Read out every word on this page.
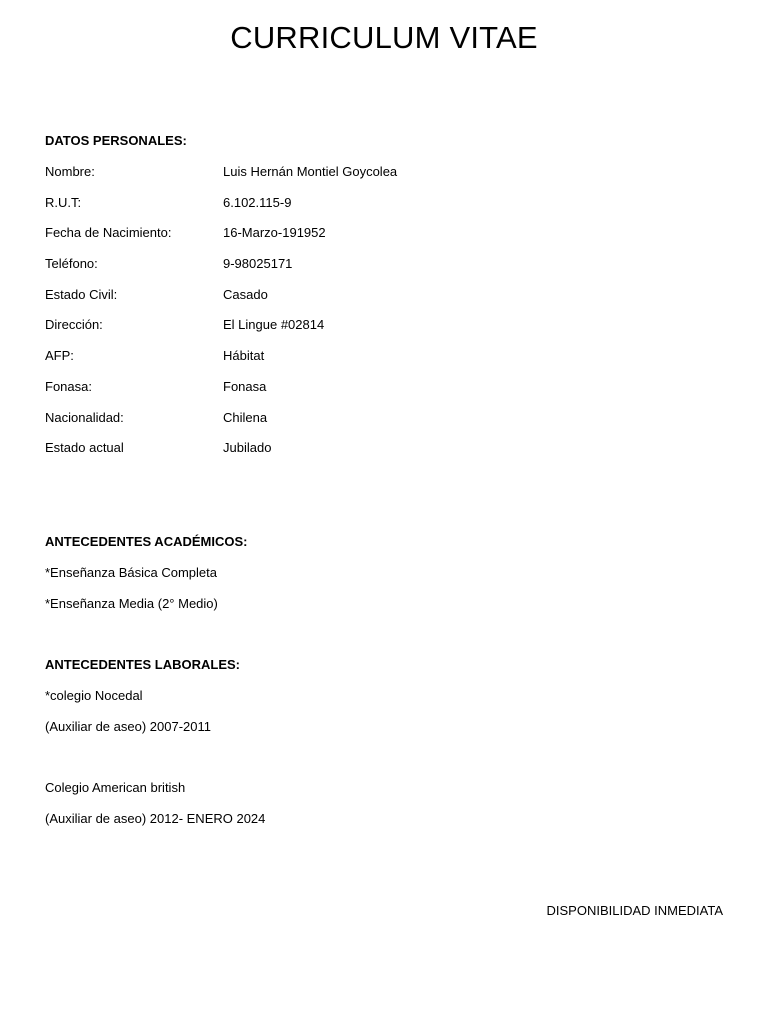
CURRICULUM VITAE
DATOS PERSONALES:
Nombre:	Luis Hernán Montiel Goycolea
R.U.T:	6.102.115-9
Fecha de Nacimiento:	16-Marzo-191952
Teléfono:	9-98025171
Estado Civil:	Casado
Dirección:	El Lingue #02814
AFP:	Hábitat
Fonasa:	Fonasa
Nacionalidad:	Chilena
Estado actual	Jubilado
ANTECEDENTES ACADÉMICOS:
*Enseñanza Básica Completa
*Enseñanza Media (2° Medio)
ANTECEDENTES LABORALES:
*colegio Nocedal
(Auxiliar de aseo) 2007-2011
Colegio American british
(Auxiliar de aseo) 2012- ENERO 2024
DISPONIBILIDAD INMEDIATA
